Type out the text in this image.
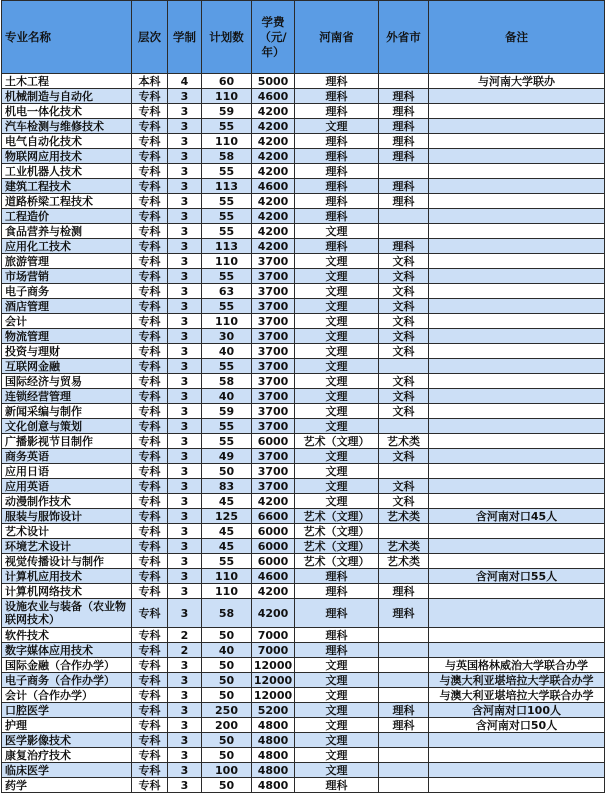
专业名称	层次	学制	计划数	学费（元/年）	河南省	外省市	备注
土木工程	本科	4	60	5000	理科		与河南大学联办
机械制造与自动化	专科	3	110	4600	理科	理科	
机电一体化技术	专科	3	59	4200	理科	理科	
汽车检测与维修技术	专科	3	55	4200	文理	理科	
电气自动化技术	专科	3	110	4200	理科	理科	
物联网应用技术	专科	3	58	4200	理科	理科	
工业机器人技术	专科	3	55	4200	理科		
建筑工程技术	专科	3	113	4600	理科	理科	
道路桥梁工程技术	专科	3	55	4200	理科	理科	
工程造价	专科	3	55	4200	理科		
食品营养与检测	专科	3	55	4200	文理		
应用化工技术	专科	3	113	4200	理科	理科	
旅游管理	专科	3	110	3700	文理	文科	
市场营销	专科	3	55	3700	文理	文科	
电子商务	专科	3	63	3700	文理	文科	
酒店管理	专科	3	55	3700	文理	文科	
会计	专科	3	110	3700	文理	文科	
物流管理	专科	3	30	3700	文理	文科	
投资与理财	专科	3	40	3700	文理	文科	
互联网金融	专科	3	55	3700	文理		
国际经济与贸易	专科	3	58	3700	文理	文科	
连锁经营管理	专科	3	40	3700	文理	文科	
新闻采编与制作	专科	3	59	3700	文理	文科	
文化创意与策划	专科	3	55	3700	文理		
广播影视节目制作	专科	3	55	6000	艺术（文理）	艺术类	
商务英语	专科	3	49	3700	文理	文科	
应用日语	专科	3	50	3700	文理		
应用英语	专科	3	83	3700	文理	文科	
动漫制作技术	专科	3	45	4200	文理	文科	
服装与服饰设计	专科	3	125	6600	艺术（文理）	艺术类	含河南对口45人
艺术设计	专科	3	45	6000	艺术（文理）		
环境艺术设计	专科	3	45	6000	艺术（文理）	艺术类	
视觉传播设计与制作	专科	3	55	6000	艺术（文理）	艺术类	
计算机应用技术	专科	3	110	4600	理科		含河南对口55人
计算机网络技术	专科	3	110	4200	理科	理科	
设施农业与装备（农业物联网技术）	专科	3	58	4200	理科	理科	
软件技术	专科	2	50	7000	理科		
数字媒体应用技术	专科	2	40	7000	理科		
国际金融（合作办学）	专科	3	50	12000	文理		与英国格林威治大学联合办学
电子商务（合作办学）	专科	3	50	12000	文理		与澳大利亚堪培拉大学联合办学
会计（合作办学）	专科	3	50	12000	文理		与澳大利亚堪培拉大学联合办学
口腔医学	专科	3	250	5200	文理	理科	含河南对口100人
护理	专科	3	200	4800	文理	理科	含河南对口50人
医学影像技术	专科	3	50	4800	文理		
康复治疗技术	专科	3	50	4800	文理		
临床医学	专科	3	100	4800	文理		
药学	专科	3	50	4800	理科		
